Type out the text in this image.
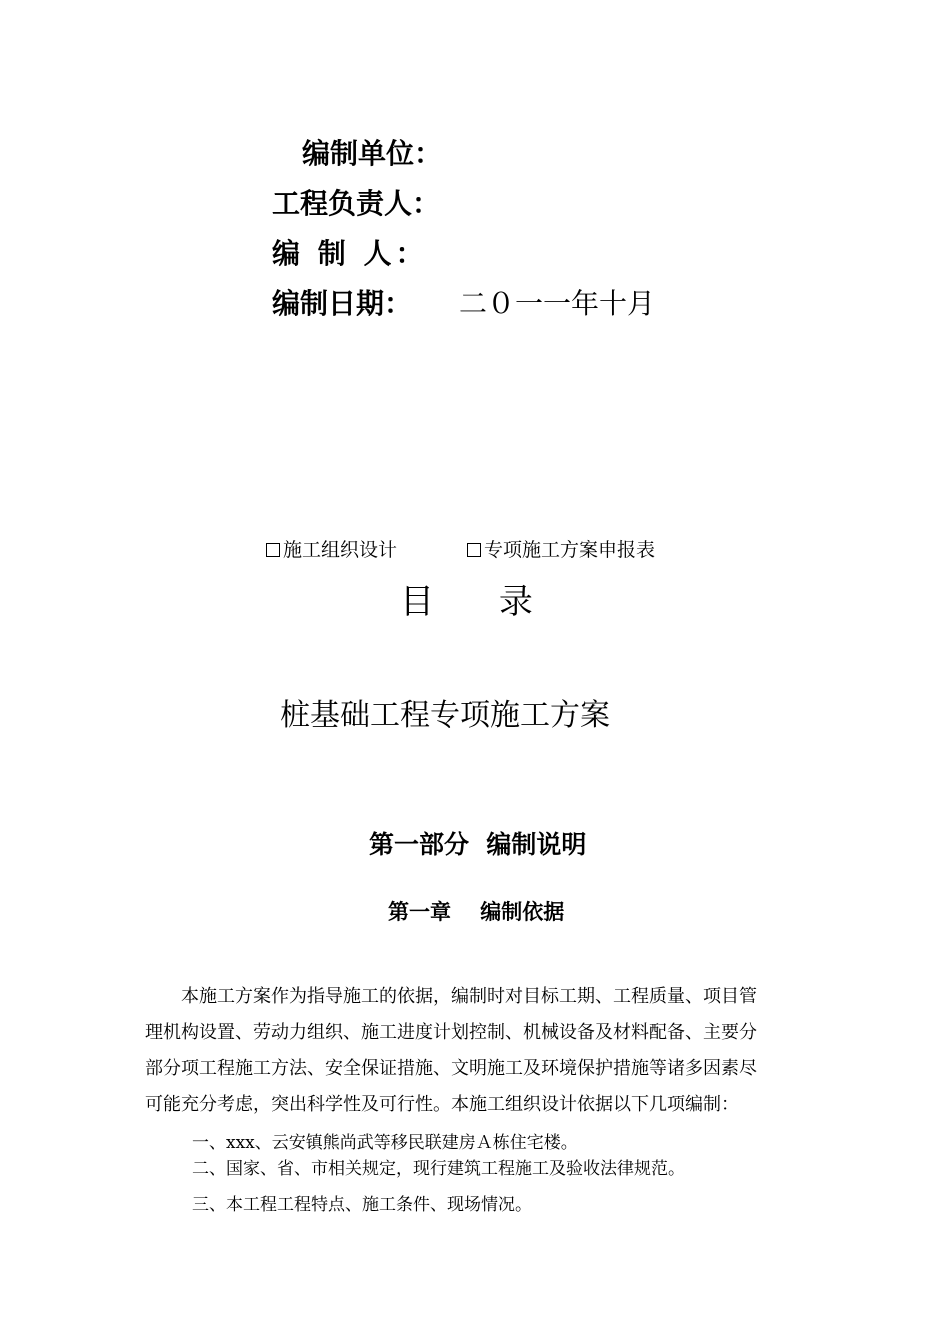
编制单位：
工程负责人：
编 制 人：
编制日期： 二０一一年十月
施工组织设计	专项施工方案申报表
目      录
桩基础工程专项施工方案
第一部分  编制说明
第一章    编制依据
本施工方案作为指导施工的依据，编制时对目标工期、工程质量、项目管
理机构设置、劳动力组织、施工进度计划控制、机械设备及材料配备、主要分
部分项工程施工方法、安全保证措施、文明施工及环境保护措施等诸多因素尽
可能充分考虑，突出科学性及可行性。本施工组织设计依据以下几项编制：
一、xxx、云安镇熊尚武等移民联建房Ａ栋住宅楼。
二、国家、省、市相关规定，现行建筑工程施工及验收法律规范。
三、本工程工程特点、施工条件、现场情况。
